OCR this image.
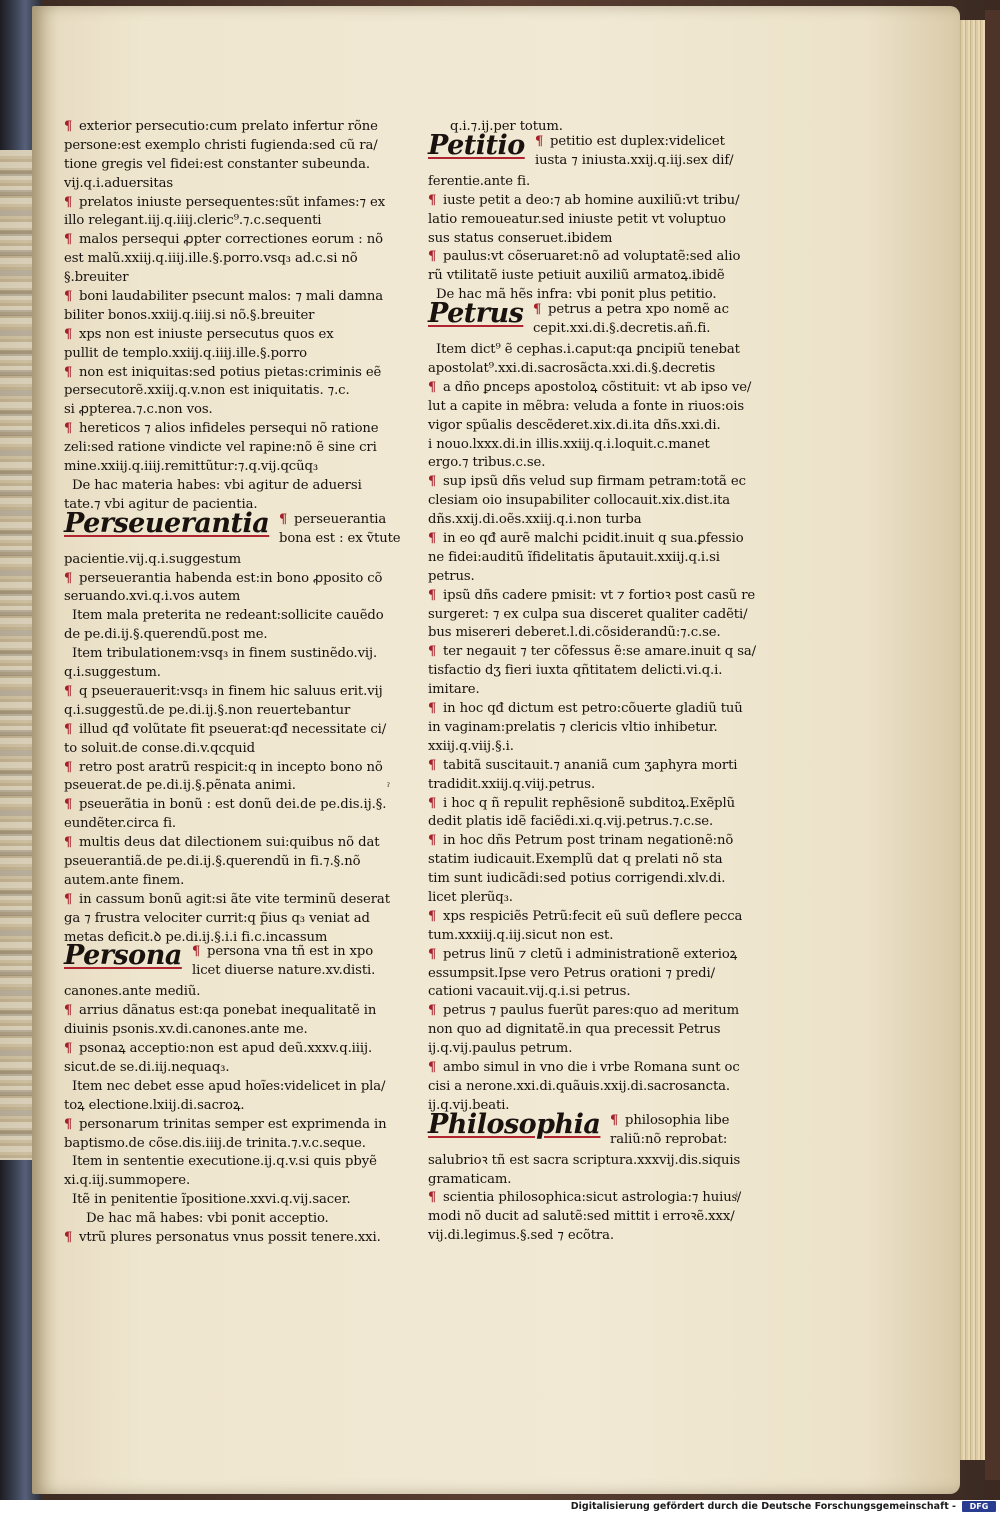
¶ exterior persecutio:cum prelato infertur rõne
persone:est exemplo christi fugienda:sed cũ ra/
tione gregis vel fidei:est constanter subeunda.
vij.q.i.aduersitas
¶ prelatos iniuste persequentes:sũt infames:⁊ ex
illo relegant.iij.q.iiij.cleric⁹.⁊.c.sequenti
¶ malos persequi ꝓpter correctiones eorum : nõ
est malũ.xxiij.q.iiij.ille.§.porro.vsq₃ ad.c.si nõ
§.breuiter
¶ boni laudabiliter psecunt malos: ⁊ mali damna
biliter bonos.xxiij.q.iiij.si nõ.§.breuiter
¶ xps non est iniuste persecutus quos ex
pullit de templo.xxiij.q.iiij.ille.§.porro
¶ non est iniquitas:sed potius pietas:criminis eẽ
persecutorẽ.xxiij.q.v.non est iniquitatis. ⁊.c.
si ꝓpterea.⁊.c.non vos.
¶ hereticos ⁊ alios infideles persequi nõ ratione
zeli:sed ratione vindicte vel rapine:nõ ẽ sine cri
mine.xxiij.q.iiij.remittũtur:⁊.q.vij.qcũq₃
De hac materia habes: vbi agitur de aduersi
tate.⁊ vbi agitur de pacientia.
Perseuerantia ¶ perseuerantia
bona est : ex ṽtute
pacientie.vij.q.i.suggestum
¶ perseuerantia habenda est:in bono ꝓposito cõ
seruando.xvi.q.i.vos autem
Item mala preterita ne redeant:sollicite cauẽdo
de pe.di.ij.§.querendũ.post me.
Item tribulationem:vsq₃ in finem sustinẽdo.vij.
q.i.suggestum.
¶ q pseuerauerit:vsq₃ in finem hic saluus erit.vij
q.i.suggestũ.de pe.di.ij.§.non reuertebantur
¶ illud qđ volũtate fit pseuerat:qđ necessitate ci/
to soluit.de conse.di.v.qcquid
¶ retro post aratrũ respicit:q in incepto bono nõ
pseuerat.de pe.di.ij.§.pẽnata animi.
¶ pseuerãtia in bonũ : est donũ dei.de pe.dis.ij.§.
eundẽter.circa fi.
¶ multis deus dat dilectionem sui:quibus nõ dat
pseuerantiã.de pe.di.ij.§.querendũ in fi.⁊.§.nõ
autem.ante finem.
¶ in cassum bonũ agit:si ãte vite terminũ deserat
ga ⁊ frustra velociter currit:q p̃ius q₃ veniat ad
metas deficit.ꝺ pe.di.ij.§.i.i fi.c.incassum
Persona ¶ persona vna tñ est in xpo
licet diuerse nature.xv.disti.
canones.ante mediũ.
¶ arrius dãnatus est:qa ponebat inequalitatẽ in
diuinis psonis.xv.di.canones.ante me.
¶ psonaꝝ acceptio:non est apud deũ.xxxv.q.iiij.
sicut.de se.di.iij.nequaq₃.
Item nec debet esse apud hoĩes:videlicet in pla/
toꝝ electione.lxiij.di.sacroꝝ.
¶ personarum trinitas semper est exprimenda in
baptismo.de cõse.dis.iiij.de trinita.⁊.v.c.seque.
Item in sententie executione.ij.q.v.si quis pbyẽ
xi.q.iij.summopere.
Itẽ in penitentie ĩpositione.xxvi.q.vij.sacer.
De hac mã habes: vbi ponit acceptio.
¶ vtrũ plures personatus vnus possit tenere.xxi.
q.i.⁊.ij.per totum.
Petitio ¶ petitio est duplex:videlicet
iusta ⁊ iniusta.xxij.q.iij.sex dif/
ferentie.ante fi.
¶ iuste petit a deo:⁊ ab homine auxiliũ:vt tribu/
latio remoueatur.sed iniuste petit vt voluptuo
sus status conseruet.ibidem
¶ paulus:vt cõseruaret:nõ ad voluptatẽ:sed alio
rũ vtilitatẽ iuste petiuit auxiliũ armatoꝝ.ibidẽ
De hac mã hẽs infra: vbi ponit plus petitio.
Petrus ¶ petrus a petra xpo nomẽ ac
cepit.xxi.di.§.decretis.añ.fi.
Item dict⁹ ẽ cephas.i.caput:qa ꝑncipiũ tenebat
apostolat⁹.xxi.di.sacrosãcta.xxi.di.§.decretis
¶ a dño ꝑnceps apostoloꝝ cõstituit: vt ab ipso ve/
lut a capite in mẽbra: veluda a fonte in riuos:ois
vigor spũalis descẽderet.xix.di.ita dñs.xxi.di.
i nouo.lxxx.di.in illis.xxiij.q.i.loquit.c.manet
ergo.⁊ tribus.c.se.
¶ sup ipsũ dñs velud sup firmam petram:totã ec
clesiam oio insupabiliter collocauit.xix.dist.ita
dñs.xxij.di.oẽs.xxiij.q.i.non turba
¶ in eo qđ aurẽ malchi pcidit.inuit q sua.ꝑfessio
ne fidei:auditũ ĩfidelitatis ãputauit.xxiij.q.i.si
petrus.
¶ ipsũ dñs cadere pmisit: vt ⁊ fortioꝛ post casũ re
surgeret: ⁊ ex culpa sua disceret qualiter cadẽti/
bus misereri deberet.l.di.cõsiderandũ:⁊.c.se.
¶ ter negauit ⁊ ter cõfessus ẽ:se amare.inuit q sa/
tisfactio dʒ fieri iuxta qñtitatem delicti.vi.q.i.
imitare.
¶ in hoc qđ dictum est petro:cõuerte gladiũ tuũ
in vaginam:prelatis ⁊ clericis vltio inhibetur.
xxiij.q.viij.§.i.
¶ tabitã suscitauit.⁊ ananiã cum ʒaphyra morti
tradidit.xxiij.q.viij.petrus.
¶ i hoc q ñ repulit rephẽsionẽ subditoꝝ.Exẽplũ
dedit platis idẽ faciẽdi.xi.q.vij.petrus.⁊.c.se.
¶ in hoc dñs Petrum post trinam negationẽ:nõ
statim iudicauit.Exemplũ dat q prelati nõ sta
tim sunt iudicãdi:sed potius corrigendi.xlv.di.
licet plerũq₃.
¶ xps respiciẽs Petrũ:fecit eũ suũ deflere pecca
tum.xxxiij.q.iij.sicut non est.
¶ petrus linũ ⁊ cletũ i administrationẽ exterioꝝ
essumpsit.Ipse vero Petrus orationi ⁊ predi/
cationi vacauit.vij.q.i.si petrus.
¶ petrus ⁊ paulus fuerũt pares:quo ad meritum
non quo ad dignitatẽ.in qua precessit Petrus
ij.q.vij.paulus petrum.
¶ ambo simul in vno die i vrbe Romana sunt oc
cisi a nerone.xxi.di.quãuis.xxij.di.sacrosancta.
ij.q.vij.beati.
Philosophia ¶ philosophia libe
raliũ:nõ reprobat:
salubrioꝛ tñ est sacra scriptura.xxxvij.dis.siquis
gramaticam.
¶ scientia philosophica:sicut astrologia:⁊ huiusͥ/
modi nõ ducit ad salutẽ:sed mittit i erroꝛẽ.xxx/
vij.di.legimus.§.sed ⁊ ecõtra.
ˀ
Digitalisierung gefördert durch die Deutsche Forschungsgemeinschaft -	DFG
